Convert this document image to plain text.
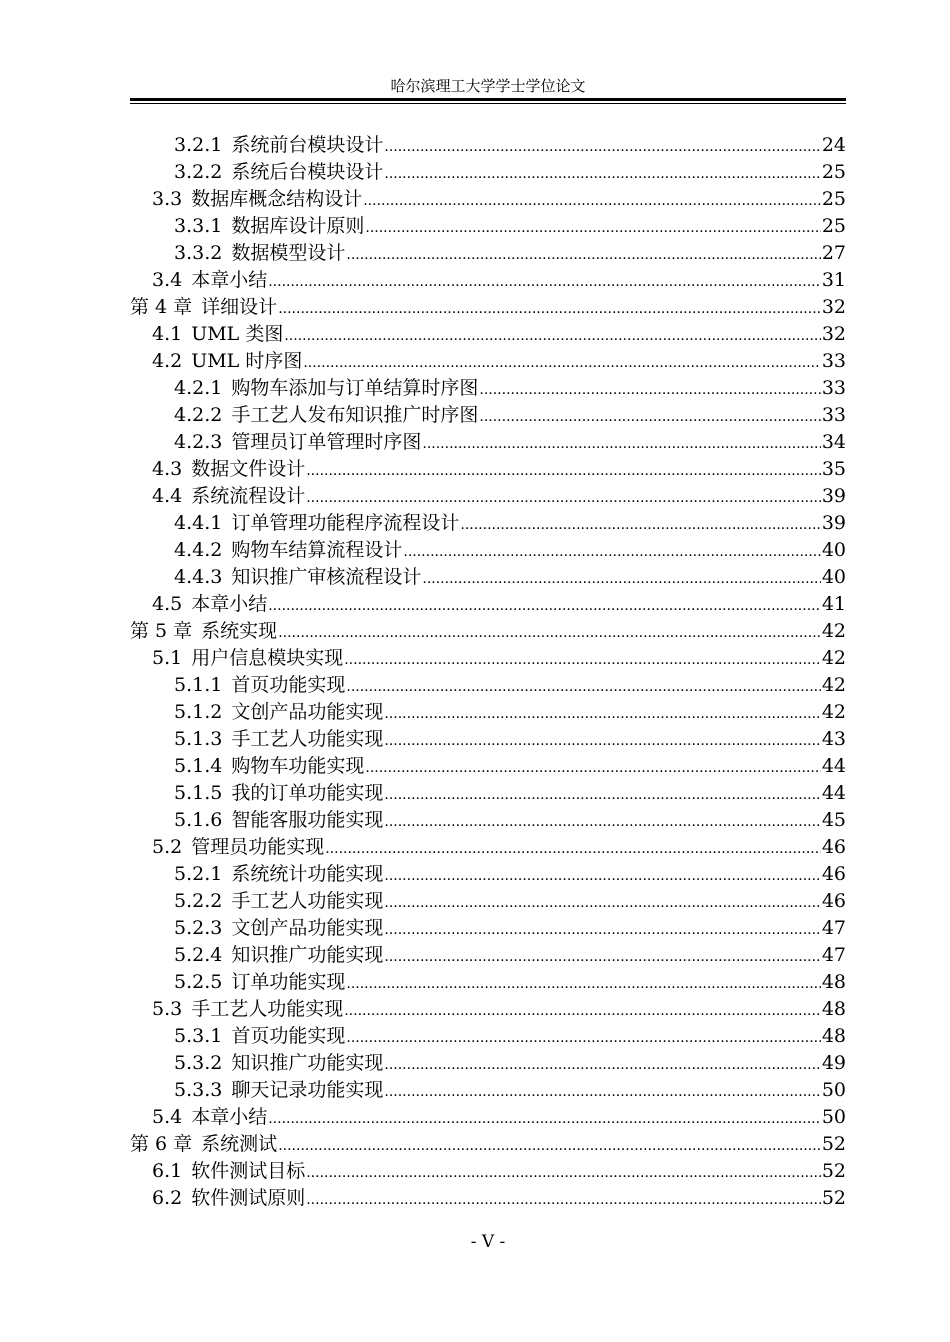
哈尔滨理工大学学士学位论文
3.2.1 系统前台模块设计 .....	24
3.2.2 系统后台模块设计 .....	25
3.3 数据库概念结构设计 .....	25
3.3.1 数据库设计原则 .....	25
3.3.2 数据模型设计 .....	27
3.4 本章小结 .....	31
第 4 章 详细设计 .....	32
4.1 UML 类图 .....	32
4.2 UML 时序图 .....	33
4.2.1 购物车添加与订单结算时序图 .....	33
4.2.2 手工艺人发布知识推广时序图 .....	33
4.2.3 管理员订单管理时序图 .....	34
4.3 数据文件设计 .....	35
4.4 系统流程设计 .....	39
4.4.1 订单管理功能程序流程设计 .....	39
4.4.2 购物车结算流程设计 .....	40
4.4.3 知识推广审核流程设计 .....	40
4.5 本章小结 .....	41
第 5 章 系统实现 .....	42
5.1 用户信息模块实现 .....	42
5.1.1 首页功能实现 .....	42
5.1.2 文创产品功能实现 .....	42
5.1.3 手工艺人功能实现 .....	43
5.1.4 购物车功能实现 .....	44
5.1.5 我的订单功能实现 .....	44
5.1.6 智能客服功能实现 .....	45
5.2 管理员功能实现 .....	46
5.2.1 系统统计功能实现 .....	46
5.2.2 手工艺人功能实现 .....	46
5.2.3 文创产品功能实现 .....	47
5.2.4 知识推广功能实现 .....	47
5.2.5 订单功能实现 .....	48
5.3 手工艺人功能实现 .....	48
5.3.1 首页功能实现 .....	48
5.3.2 知识推广功能实现 .....	49
5.3.3 聊天记录功能实现 .....	50
5.4 本章小结 .....	50
第 6 章 系统测试 .....	52
6.1 软件测试目标 .....	52
6.2 软件测试原则 .....	52
- V -
